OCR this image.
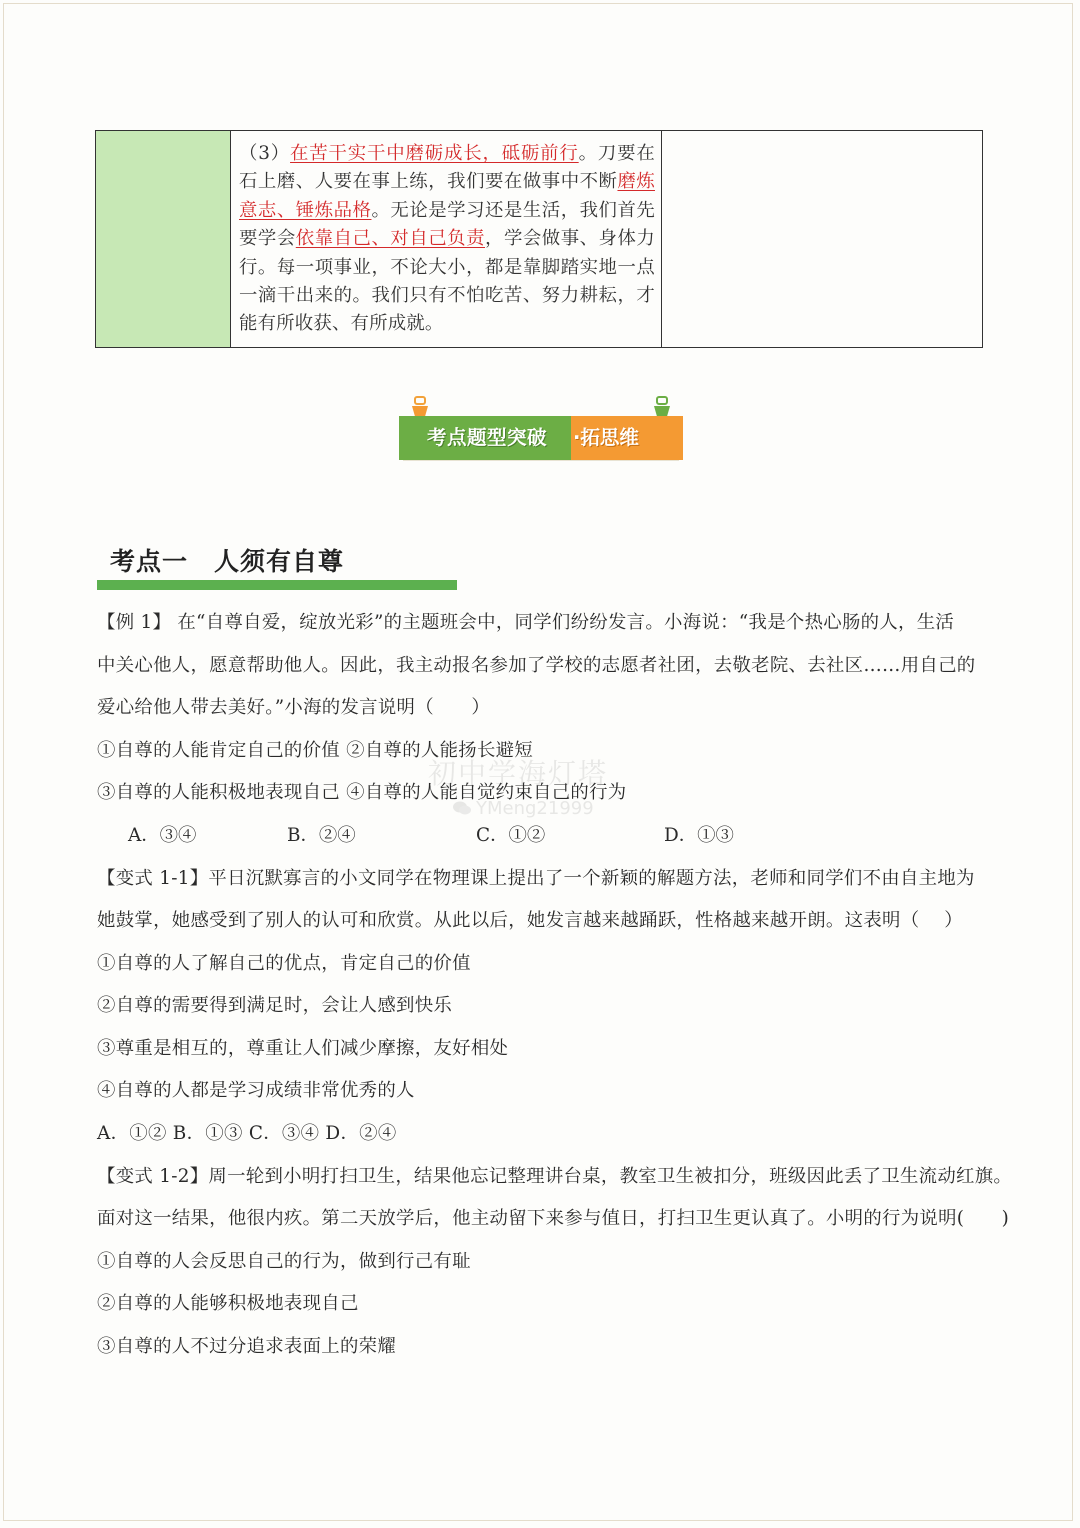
（3）在苦干实干中磨砺成长，砥砺前行。刀要在石上磨、人要在事上练，我们要在做事中不断磨炼意志、锤炼品格。无论是学习还是生活，我们首先要学会依靠自己、对自己负责，学会做事、身体力行。每一项事业，不论大小，都是靠脚踏实地一点一滴干出来的。我们只有不怕吃苦、努力耕耘，才能有所收获、有所成就。
考点题型突破	·拓思维
考点一　人须有自尊
【例 1】 在“自尊自爱，绽放光彩”的主题班会中，同学们纷纷发言。小海说：“我是个热心肠的人，生活
中关心他人，愿意帮助他人。因此，我主动报名参加了学校的志愿者社团，去敬老院、去社区……用自己的
爱心给他人带去美好。”小海的发言说明（　　）
①自尊的人能肯定自己的价值 ②自尊的人能扬长避短
③自尊的人能积极地表现自己 ④自尊的人能自觉约束自己的行为
A．③④	B．②④	C．①②	D．①③
初中学海灯塔
YMeng21999
【变式 1-1】平日沉默寡言的小文同学在物理课上提出了一个新颖的解题方法，老师和同学们不由自主地为
她鼓掌，她感受到了别人的认可和欣赏。从此以后，她发言越来越踊跃，性格越来越开朗。这表明（　 ）
①自尊的人了解自己的优点，肯定自己的价值
②自尊的需要得到满足时，会让人感到快乐
③尊重是相互的，尊重让人们减少摩擦，友好相处
④自尊的人都是学习成绩非常优秀的人
A．①② B．①③ C．③④ D．②④
【变式 1-2】周一轮到小明打扫卫生，结果他忘记整理讲台桌，教室卫生被扣分，班级因此丢了卫生流动红旗。
面对这一结果，他很内疚。第二天放学后，他主动留下来参与值日，打扫卫生更认真了。小明的行为说明(　　)
①自尊的人会反思自己的行为，做到行己有耻
②自尊的人能够积极地表现自己
③自尊的人不过分追求表面上的荣耀
